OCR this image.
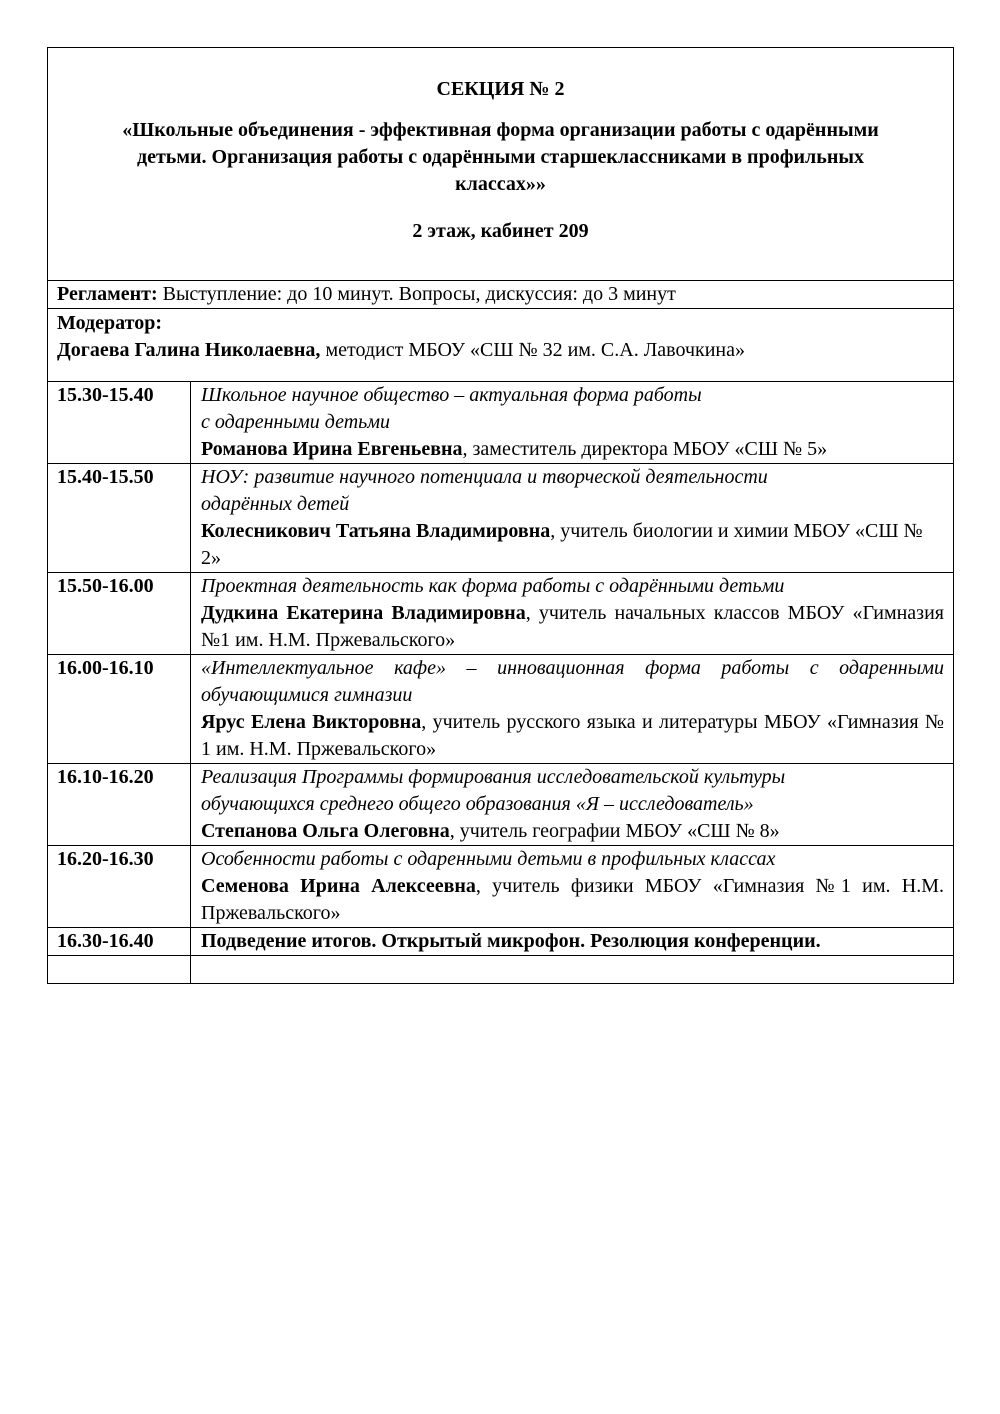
СЕКЦИЯ № 2
«Школьные объединения - эффективная форма организации работы с одарёнными детьми. Организация работы с одарёнными старшеклассниками в профильных классах»»
2 этаж, кабинет 209	

Регламент: Выступление: до 10 минут. Вопросы, дискуссия: до 3 минут	

Модератор:
Догаева Галина Николаевна, методист МБОУ «СШ № 32 им. С.А. Лавочкина»	

15.30-15.40	Школьное научное общество – актуальная форма работы
с одаренными детьми
Романова Ирина Евгеньевна, заместитель директора МБОУ «СШ № 5»

15.40-15.50	НОУ: развитие научного потенциала и творческой деятельности
одарённых детей
Колесникович Татьяна Владимировна, учитель биологии и химии МБОУ «СШ № 2»

15.50-16.00	Проектная деятельность как форма работы с одарёнными детьми
Дудкина Екатерина Владимировна, учитель начальных классов МБОУ «Гимназия №1 им. Н.М. Пржевальского»

16.00-16.10	«Интеллектуальное кафе» – инновационная форма работы с одаренными обучающимися гимназии
Ярус Елена Викторовна, учитель русского языка и литературы МБОУ «Гимназия № 1 им. Н.М. Пржевальского»

16.10-16.20	Реализация Программы формирования исследовательской культуры
обучающихся среднего общего образования «Я – исследователь»
Степанова Ольга Олеговна, учитель географии МБОУ «СШ № 8»

16.20-16.30	Особенности работы с одаренными детьми в профильных классах
Семенова Ирина Алексеевна, учитель физики МБОУ «Гимназия №1 им. Н.М. Пржевальского»

16.30-16.40	Подведение итогов. Открытый микрофон. Резолюция конференции.
